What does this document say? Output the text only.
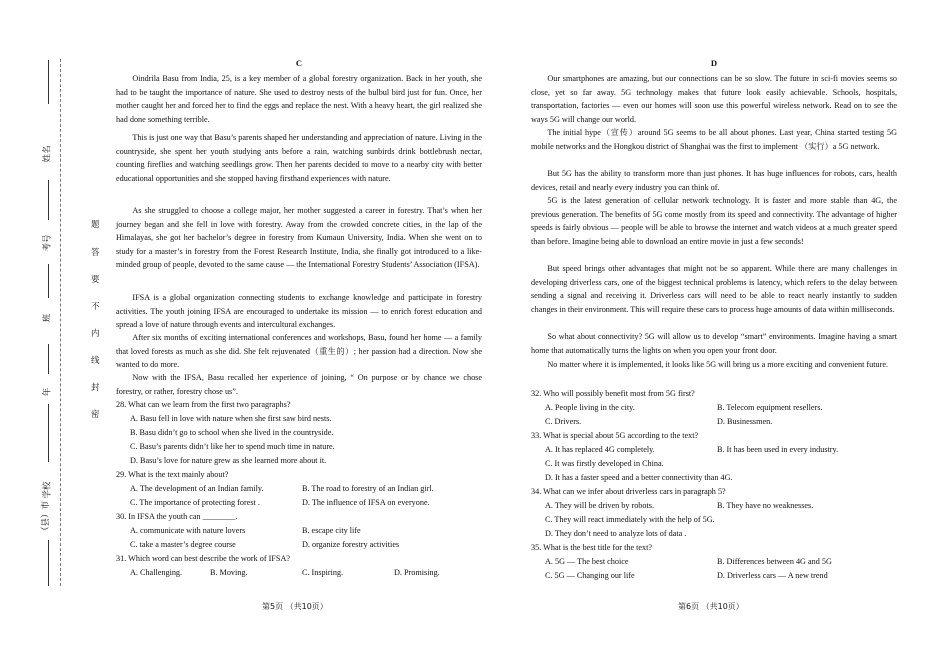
姓名
考号
班
年
学校
（县）市
题
答
要
不
内
线
封
密
C

Oindrila Basu from India, 25, is a key member of a global forestry organization. Back in her youth, she had to be taught the importance of nature. She used to destroy nests of the bulbul bird just for fun. Once, her mother caught her and forced her to find the eggs and replace the nest. With a heavy heart, the girl realized she had done something terrible.

This is just one way that Basu’s parents shaped her understanding and appreciation of nature. Living in the countryside, she spent her youth studying ants before a rain, watching sunbirds drink bottlebrush nectar, counting fireflies and watching seedlings grow. Then her parents decided to move to a nearby city with better educational opportunities and she stopped having firsthand experiences with nature.

As she struggled to choose a college major, her mother suggested a career in forestry. That’s when her journey began and she fell in love with forestry. Away from the crowded concrete cities, in the lap of the Himalayas, she got her bachelor’s degree in forestry from Kumaun University, India. When she went on to study for a master’s in forestry from the Forest Research Institute, India, she finally got introduced to a like-minded group of people, devoted to the same cause — the International Forestry Students’ Association (IFSA).

IFSA is a global organization connecting students to exchange knowledge and participate in forestry activities. The youth joining IFSA are encouraged to undertake its mission — to enrich forest education and spread a love of nature through events and intercultural exchanges.

After six months of exciting international conferences and workshops, Basu, found her home — a family that loved forests as much as she did. She felt rejuvenated（重生的）; her passion had a direction. Now she wanted to do more.

Now with the IFSA, Basu recalled her experience of joining, “ On purpose or by chance we chose forestry, or rather, forestry chose us”.

28. What can we learn from the first two paragraphs?
A. Basu fell in love with nature when she first saw bird nests.
B. Basu didn’t go to school when she lived in the countryside.
C. Basu’s parents didn’t like her to spend much time in nature.
D. Basu’s love for nature grew as she learned more about it.
29. What is the text mainly about?
A. The development of an Indian family.	B. The road to forestry of an Indian girl.
C. The importance of protecting forest .	D. The influence of IFSA on everyone.
30. In IFSA the youth can ________.
A. communicate with nature lovers	B. escape city life
C. take a master’s degree course	D. organize forestry activities
31. Which word can best describe the work of IFSA?
A. Challenging.	B. Moving.	C. Inspiring.	D. Promising.
第5页 （共10页）
D

Our smartphones are amazing, but our connections can be so slow. The future in sci-fi movies seems so close, yet so far away. 5G technology makes that future look easily achievable. Schools, hospitals, transportation, factories — even our homes will soon use this powerful wireless network. Read on to see the ways 5G will change our world.

The initial hype（宣传）around 5G seems to be all about phones. Last year, China started testing 5G mobile networks and the Hongkou district of Shanghai was the first to implement （实行）a 5G network.

But 5G has the ability to transform more than just phones. It has huge influences for robots, cars, health devices, retail and nearly every industry you can think of.

5G is the latest generation of cellular network technology. It is faster and more stable than 4G, the previous generation. The benefits of 5G come mostly from its speed and connectivity. The advantage of higher speeds is fairly obvious — people will be able to browse the internet and watch videos at a much greater speed than before. Imagine being able to download an entire movie in just a few seconds!

But speed brings other advantages that might not be so apparent. While there are many challenges in developing driverless cars, one of the biggest technical problems is latency, which refers to the delay between sending a signal and receiving it. Driverless cars will need to be able to react nearly instantly to sudden changes in their environment. This will require these cars to process huge amounts of data within milliseconds.

So what about connectivity? 5G will allow us to develop “smart” environments. Imagine having a smart home that automatically turns the lights on when you open your front door.

No matter where it is implemented, it looks like 5G will bring us a more exciting and convenient future.

32. Who will possibly benefit most from 5G first?
A. People living in the city.	B. Telecom equipment resellers.
C. Drivers.	D. Businessmen.
33. What is special about 5G according to the text?
A. It has replaced 4G completely.	B. It has been used in every industry.
C. It was firstly developed in China.
D. It has a faster speed and a better connectivity than 4G.
34. What can we infer about driverless cars in paragraph 5?
A. They will be driven by robots.	B. They have no weaknesses.
C. They will react immediately with the help of 5G.
D. They don’t need to analyze lots of data .
35. What is the best title for the text?
A. 5G — The best choice	B. Differences between 4G and 5G
C. 5G — Changing our life	D. Driverless cars — A new trend
第6页 （共10页）
